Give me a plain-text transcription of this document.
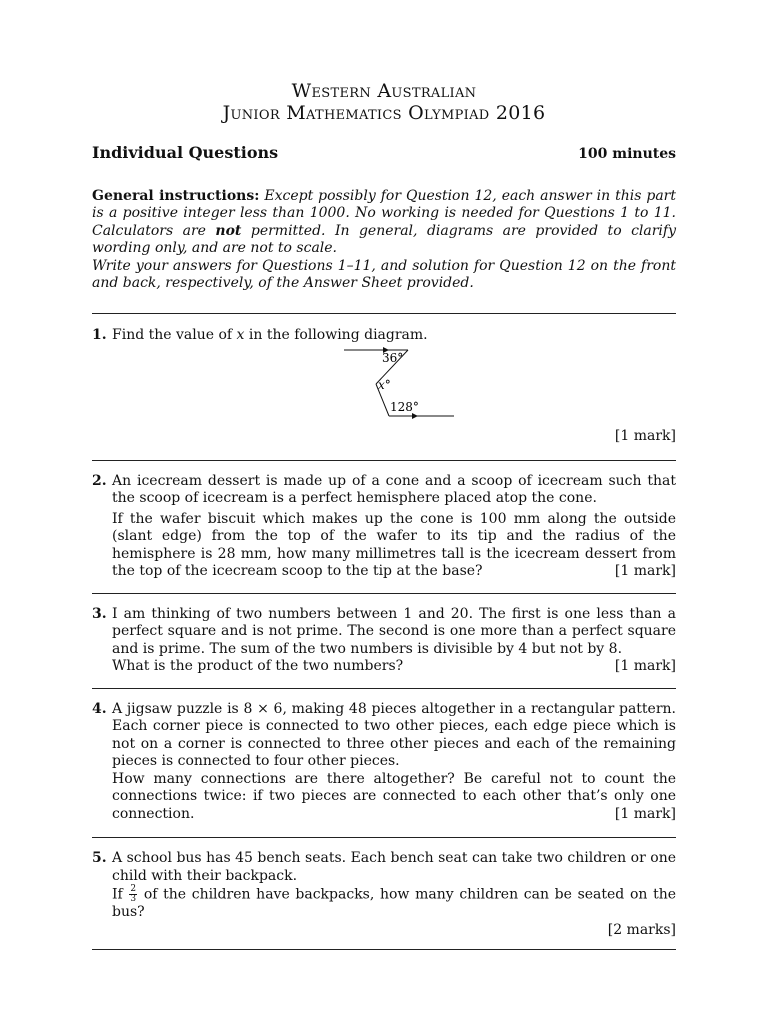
Western Australian
Junior Mathematics Olympiad 2016
Individual Questions	100 minutes
General instructions: Except possibly for Question 12, each answer in this part is a positive integer less than 1000. No working is needed for Questions 1 to 11. Calculators are not permitted. In general, diagrams are provided to clarify wording only, and are not to scale.
Write your answers for Questions 1–11, and solution for Question 12 on the front and back, respectively, of the Answer Sheet provided.
1. Find the value of x in the following diagram.

36°
x°
128°
[1 mark]
2. An icecream dessert is made up of a cone and a scoop of icecream such that the scoop of icecream is a perfect hemisphere placed atop the cone.

If the wafer biscuit which makes up the cone is 100 mm along the outside (slant edge) from the top of the wafer to its tip and the radius of the hemisphere is 28 mm, how many millimetres tall is the icecream dessert from the top of the icecream scoop to the tip at the base?	[1 mark]

3. I am thinking of two numbers between 1 and 20. The first is one less than a perfect square and is not prime. The second is one more than a perfect square and is prime. The sum of the two numbers is divisible by 4 but not by 8.

What is the product of the two numbers?	[1 mark]
4. A jigsaw puzzle is 8 × 6, making 48 pieces altogether in a rectangular pattern. Each corner piece is connected to two other pieces, each edge piece which is not on a corner is connected to three other pieces and each of the remaining pieces is connected to four other pieces.

How many connections are there altogether? Be careful not to count the connections twice: if two pieces are connected to each other that’s only one connection.	[1 mark]

5. A school bus has 45 bench seats. Each bench seat can take two children or one child with their backpack.

If $\frac{2}{3}$ of the children have backpacks, how many children can be seated on the bus?

[2 marks]
